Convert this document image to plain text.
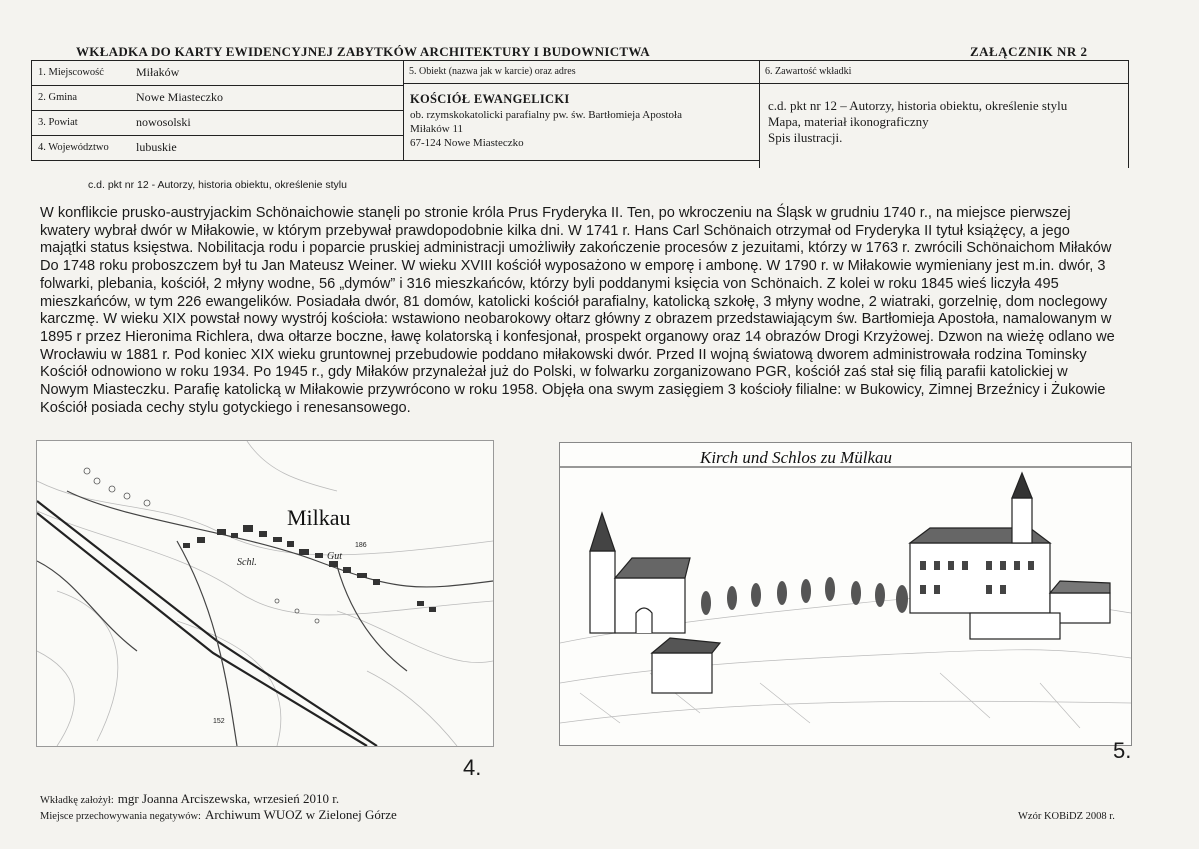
WKŁADKA DO KARTY EWIDENCYJNEJ ZABYTKÓW ARCHITEKTURY I BUDOWNICTWA	ZAŁĄCZNIK NR 2
1. Miejscowość	Miłaków
2. Gmina	Nowe Miasteczko
3. Powiat	nowosolski
4. Województwo lubuskie
5. Obiekt (nazwa jak w karcie) oraz adres
KOŚCIÓŁ EWANGELICKI
ob. rzymskokatolicki parafialny pw. św. Bartłomieja Apostoła
Miłaków 11
67-124 Nowe Miasteczko
6. Zawartość wkładki
c.d. pkt nr 12 – Autorzy, historia obiektu, określenie stylu
Mapa, materiał ikonograficzny
Spis ilustracji.
c.d. pkt nr 12 - Autorzy, historia obiektu, określenie stylu

W konflikcie prusko-austryjackim Schönaichowie stanęli po stronie króla Prus Fryderyka II. Ten, po wkroczeniu na Śląsk w grudniu 1740 r., na miejsce pierwszej

kwatery wybrał dwór w Miłakowie, w którym przebywał prawdopodobnie kilka dni. W 1741 r. Hans Carl Schönaich otrzymał od Fryderyka II tytuł książęcy, a jego

majątki status księstwa. Nobilitacja rodu i poparcie pruskiej administracji umożliwiły zakończenie procesów z jezuitami, którzy w 1763 r. zwrócili Schönaichom Miłaków

Do 1748 roku proboszczem był tu Jan Mateusz Weiner. W wieku XVIII kościół wyposażono w emporę i ambonę. W 1790 r. w Miłakowie wymieniany jest m.in. dwór, 3

folwarki, plebania, kościół, 2 młyny wodne, 56 „dymów” i 316 mieszkańców, którzy byli poddanymi księcia von Schönaich. Z kolei w roku 1845 wieś liczyła 495

mieszkańców, w tym 226 ewangelików. Posiadała dwór, 81 domów, katolicki kościół parafialny, katolicką szkołę, 3 młyny wodne, 2 wiatraki, gorzelnię, dom noclegowy

karczmę. W wieku XIX powstał nowy wystrój kościoła: wstawiono neobarokowy ołtarz główny z obrazem przedstawiającym św. Bartłomieja Apostoła, namalowanym w

1895 r przez Hieronima Richlera, dwa ołtarze boczne, ławę kolatorską i konfesjonał, prospekt organowy oraz 14 obrazów Drogi Krzyżowej. Dzwon na wieżę odlano we

Wrocławiu w 1881 r. Pod koniec XIX wieku gruntownej przebudowie poddano miłakowski dwór. Przed II wojną światową dworem administrowała rodzina Tominsky

Kościół odnowiono w roku 1934. Po 1945 r., gdy Miłaków przynależał już do Polski, w folwarku zorganizowano PGR, kościół zaś stał się filią parafii katolickiej w

Nowym Miasteczku. Parafię katolicką w Miłakowie przywrócono w roku 1958. Objęła ona swym zasięgiem 3 kościoły filialne: w Bukowicy, Zimnej Brzeźnicy i Żukowie

Kościół posiada cechy stylu gotyckiego i renesansowego.

Milkau
Schl.
Gut
186
152
4.
Kirch und Schlos zu Mülkau
5.
Wkładkę założył: mgr Joanna Arciszewska, wrzesień 2010 r.
Miejsce przechowywania negatywów: Archiwum WUOZ w Zielonej Górze	Wzór KOBiDZ 2008 r.
